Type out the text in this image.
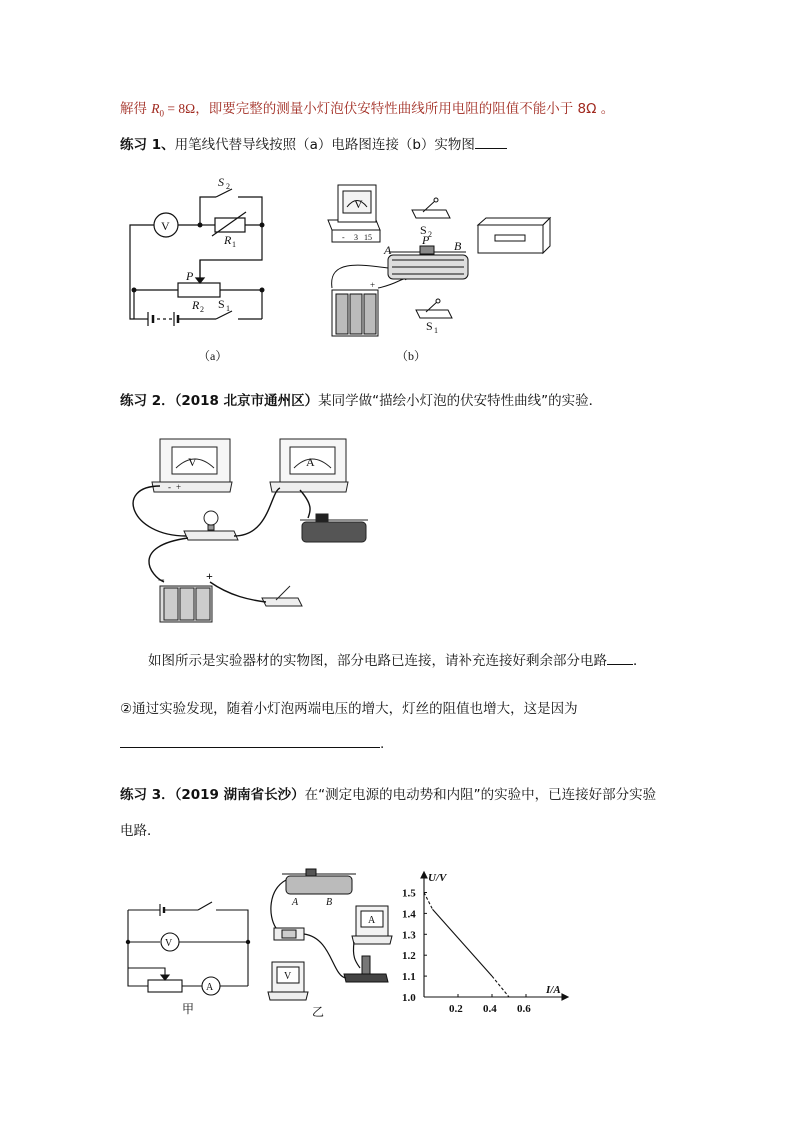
解得 $R_0 = 8\Omega$，即要完整的测量小灯泡伏安特性曲线所用电阻的阻值不能小于 8Ω 。
练习 1、用笔线代替导线按照（a）电路图连接（b）实物图
V
S 2
R 1
P
R 2 S 1
（a）
V
- 3 15
S 2
A
P B
S 1
+
（b）
练习 2．（2018 北京市通州区）某同学做“描绘小灯泡的伏安特性曲线”的实验．
V	A
- +
−	+
如图所示是实验器材的实物图，部分电路已连接，请补充连接好剩余部分电路 ．
②通过实验发现，随着小灯泡两端电压的增大，灯丝的阻值也增大，这是因为
.
练习 3．（2019 湖南省长沙）在“测定电源的电动势和内阻”的实验中，已连接好部分实验
电路．
V
A
甲
A	B
A
V
乙
1.0
1.1
1.2
1.3
1.4
1.5
0.2 0.4 0.6
U/V
I/A
